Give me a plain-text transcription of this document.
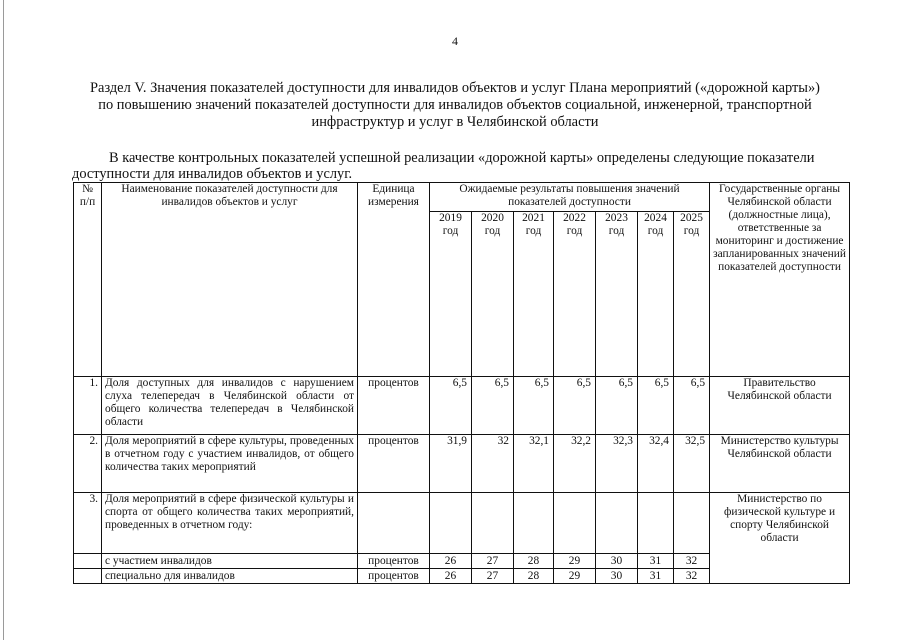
4
Раздел V. Значения показателей доступности для инвалидов объектов и услуг Плана мероприятий («дорожной карты»)
по повышению значений показателей доступности для инвалидов объектов социальной, инженерной, транспортной
инфраструктур и услуг в Челябинской области

В качестве контрольных показателей успешной реализации «дорожной карты» определены следующие показатели доступности для инвалидов объектов и услуг.

№ п/п	Наименование показателей доступности для инвалидов объектов и услуг	Единица измерения	Ожидаемые результаты повышения значений показателей доступности							Государственные органы Челябинской области (должностные лица), ответственные за мониторинг и достижение запланированных значений показателей доступности
			2019 год	2020 год	2021 год	2022 год	2023 год	2024 год	2025 год	
1.	Доля доступных для инвалидов с нарушением слуха телепередач в Челябинской области от общего количества телепередач в Челябинской области	процентов	6,5	6,5	6,5	6,5	6,5	6,5	6,5	Правительство Челябинской области
2.	Доля мероприятий в сфере культуры, проведенных в отчетном году с участием инвалидов, от общего количества таких мероприятий	процентов	31,9	32	32,1	32,2	32,3	32,4	32,5	Министерство культуры Челябинской области
3.	Доля мероприятий в сфере физической культуры и спорта от общего количества таких мероприятий, проведенных в отчетном году:									Министерство по физической культуре и спорту Челябинской области
	с участием инвалидов	процентов	26	27	28	29	30	31	32	
	специально для инвалидов	процентов	26	27	28	29	30	31	32	
